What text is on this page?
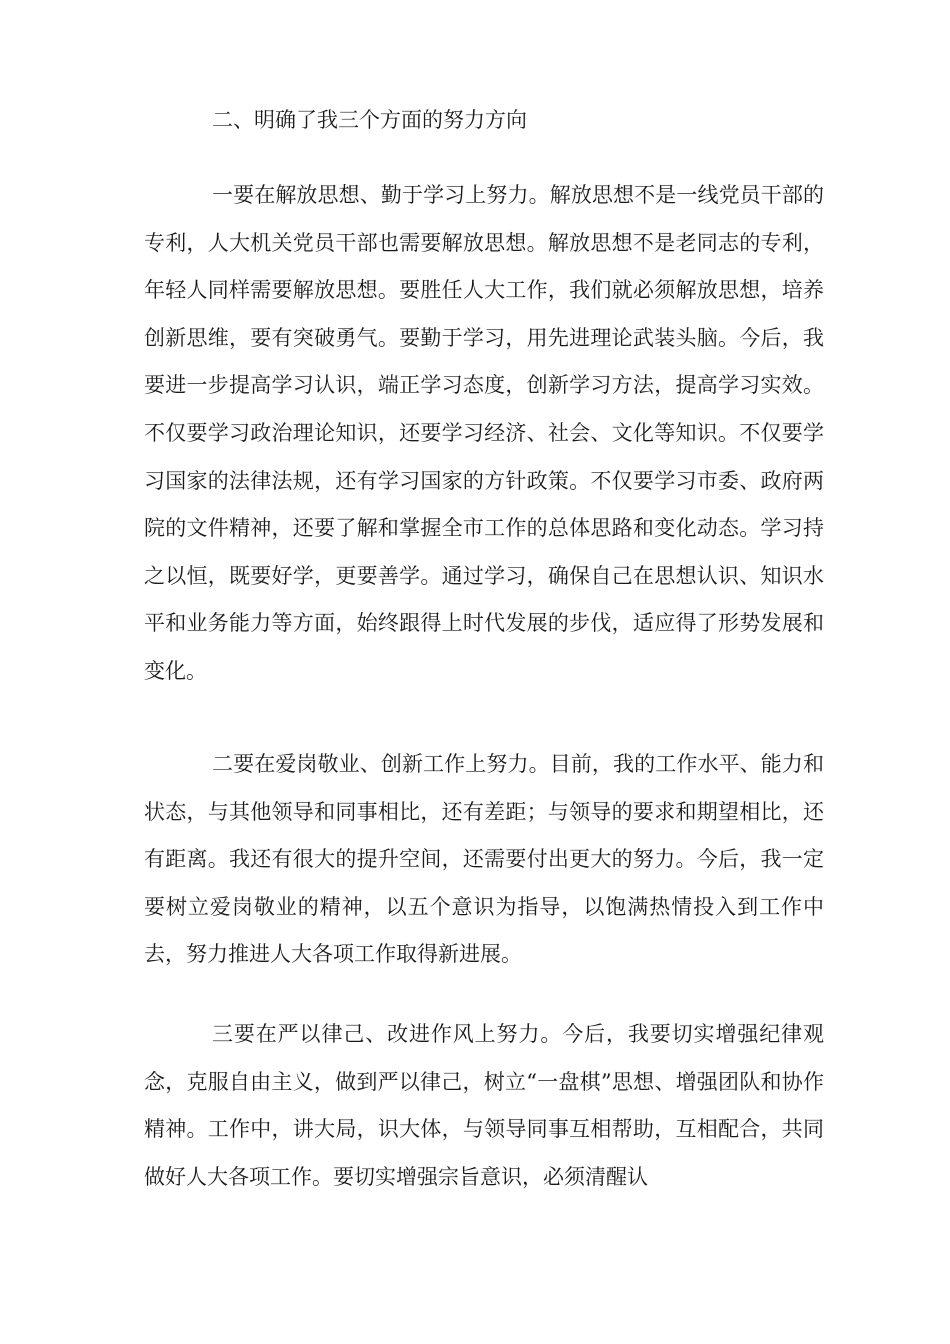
二、明确了我三个方面的努力方向

一要在解放思想、勤于学习上努力。解放思想不是一线党员干部的专利，人大机关党员干部也需要解放思想。解放思想不是老同志的专利，年轻人同样需要解放思想。要胜任人大工作，我们就必须解放思想，培养创新思维，要有突破勇气。要勤于学习，用先进理论武装头脑。今后，我要进一步提高学习认识，端正学习态度，创新学习方法，提高学习实效。不仅要学习政治理论知识，还要学习经济、社会、文化等知识。不仅要学习国家的法律法规，还有学习国家的方针政策。不仅要学习市委、政府两院的文件精神，还要了解和掌握全市工作的总体思路和变化动态。学习持之以恒，既要好学，更要善学。通过学习，确保自己在思想认识、知识水平和业务能力等方面，始终跟得上时代发展的步伐，适应得了形势发展和变化。

二要在爱岗敬业、创新工作上努力。目前，我的工作水平、能力和状态，与其他领导和同事相比，还有差距；与领导的要求和期望相比，还有距离。我还有很大的提升空间，还需要付出更大的努力。今后，我一定要树立爱岗敬业的精神，以五个意识为指导，以饱满热情投入到工作中去，努力推进人大各项工作取得新进展。

三要在严以律己、改进作风上努力。今后，我要切实增强纪律观念，克服自由主义，做到严以律己，树立“一盘棋”思想、增强团队和协作精神。工作中，讲大局，识大体，与领导同事互相帮助，互相配合，共同做好人大各项工作。要切实增强宗旨意识，必须清醒认
